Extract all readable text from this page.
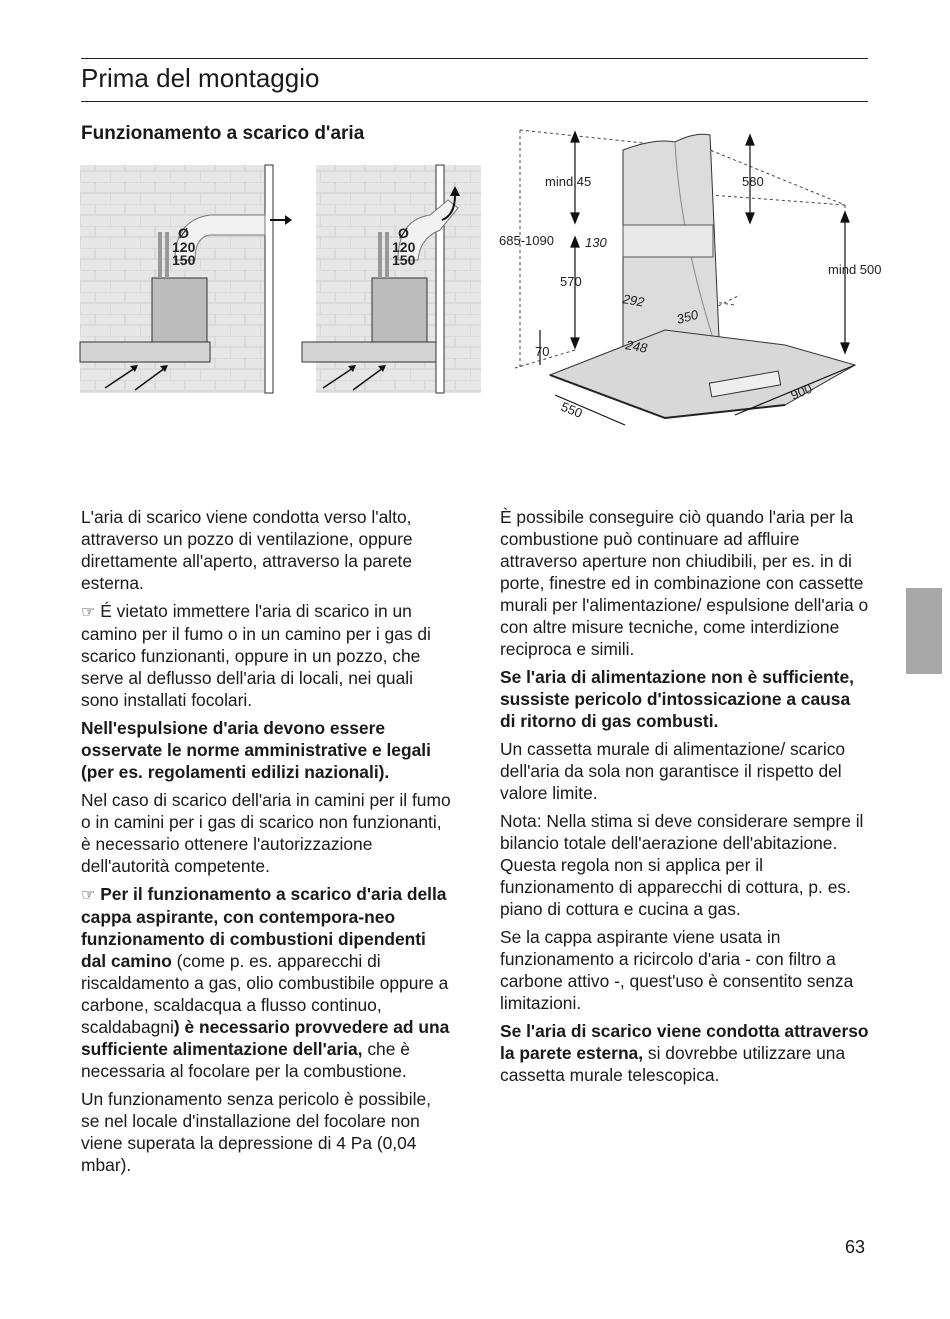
Prima del montaggio
Funzionamento a scarico d'aria
Ø
120
150
Ø
120
150
mind.45	580
685-1090 130
570
292
350
248
70
mind 500
550
900

L'aria di scarico viene condotta verso l'alto, attraverso un pozzo di ventilazione, oppure direttamente all'aperto, attraverso la parete esterna.

☞ É vietato immettere l'aria di scarico in un camino per il fumo o in un camino per i gas di scarico funzionanti, oppure in un pozzo, che serve al deflusso dell'aria di locali, nei quali sono installati focolari.

Nell'espulsione d'aria devono essere osservate le norme amministrative e legali (per es. regolamenti edilizi nazionali).

Nel caso di scarico dell'aria in camini per il fumo o in camini per i gas di scarico non funzionanti, è necessario ottenere l'autorizzazione dell'autorità competente.

☞ Per il funzionamento a scarico d'aria della cappa aspirante, con contempora-neo funzionamento di combustioni dipendenti dal camino (come p. es. apparecchi di riscaldamento a gas, olio combustibile oppure a carbone, scaldacqua a flusso continuo, scaldabagni) è necessario provvedere ad una sufficiente alimentazione dell'aria, che è necessaria al focolare per la combustione.

Un funzionamento senza pericolo è possibile, se nel locale d'installazione del focolare non viene superata la depressione di 4 Pa (0,04 mbar).

È possibile conseguire ciò quando l'aria per la combustione può continuare ad affluire attraverso aperture non chiudibili, per es. in di porte, finestre ed in combinazione con cassette murali per l'alimentazione/ espulsione dell'aria o con altre misure tecniche, come interdizione reciproca e simili.

Se l'aria di alimentazione non è sufficiente, sussiste pericolo d'intossicazione a causa di ritorno di gas combusti.

Un cassetta murale di alimentazione/ scarico dell'aria da sola non garantisce il rispetto del valore limite.

Nota: Nella stima si deve considerare sempre il bilancio totale dell'aerazione dell'abitazione. Questa regola non si applica per il funzionamento di apparecchi di cottura, p. es. piano di cottura e cucina a gas.

Se la cappa aspirante viene usata in funzionamento a ricircolo d'aria - con filtro a carbone attivo -, quest'uso è consentito senza limitazioni.

Se l'aria di scarico viene condotta attraverso la parete esterna, si dovrebbe utilizzare una cassetta murale telescopica.

63
